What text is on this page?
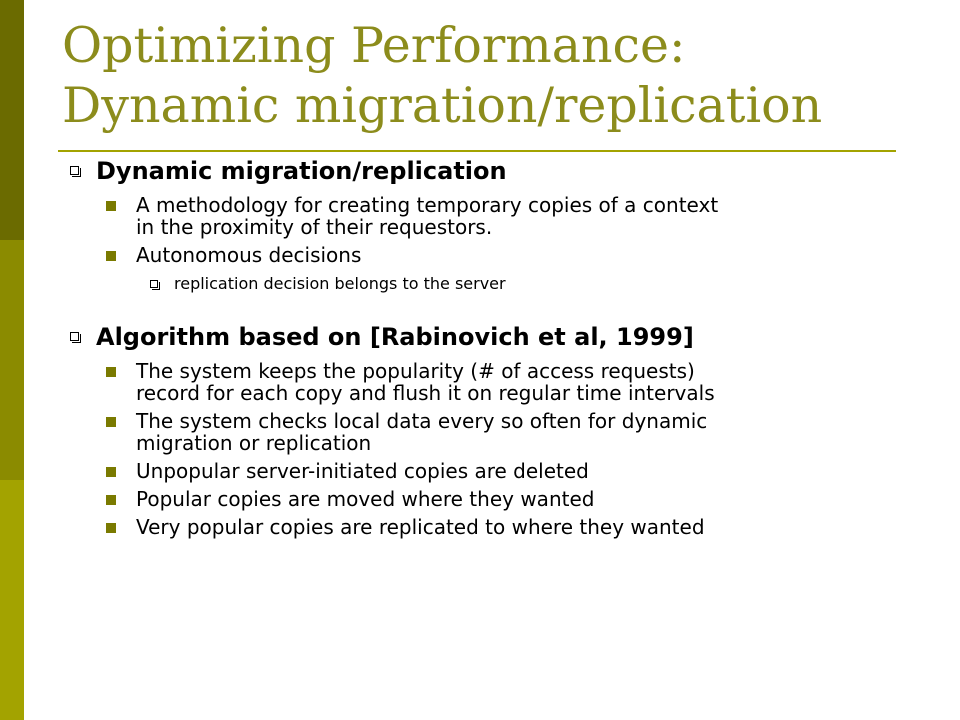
Optimizing Performance:
Dynamic migration/replication
Dynamic migration/replication
A methodology for creating temporary copies of a context
in the proximity of their requestors.
Autonomous decisions
replication decision belongs to the server
Algorithm based on [Rabinovich et al, 1999]
The system keeps the popularity (# of access requests)
record for each copy and flush it on regular time intervals
The system checks local data every so often for dynamic
migration or replication
Unpopular server-initiated copies are deleted
Popular copies are moved where they wanted
Very popular copies are replicated to where they wanted
